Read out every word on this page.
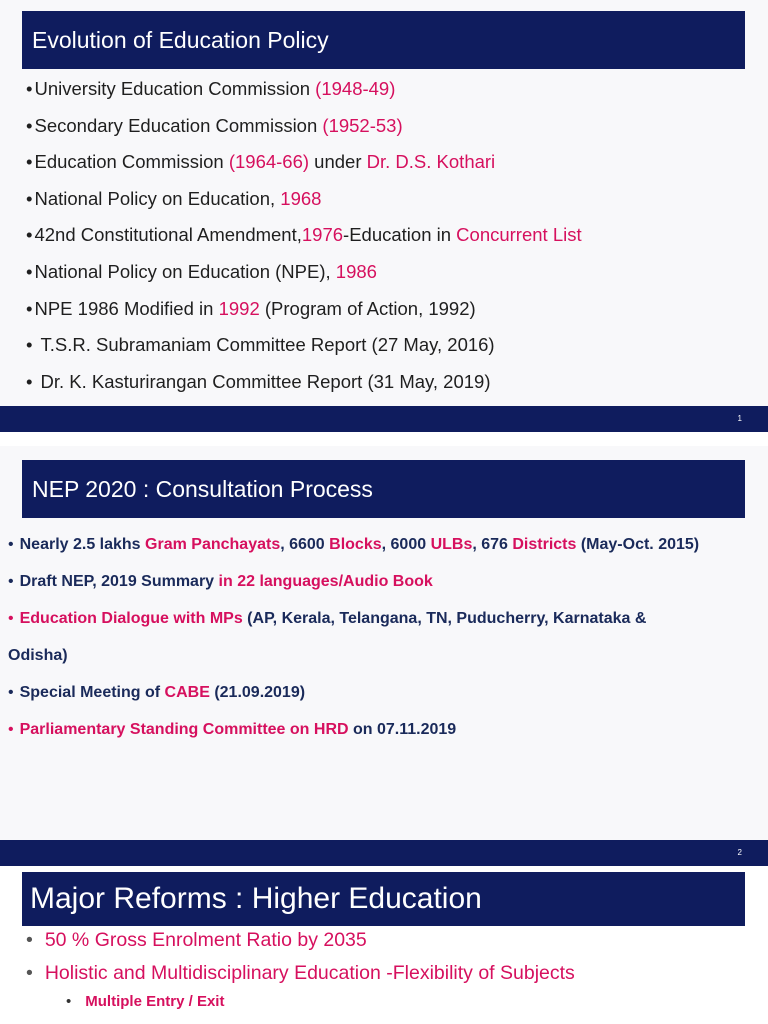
Evolution of Education Policy
• University Education Commission (1948-49)
• Secondary Education Commission (1952-53)
• Education Commission (1964-66) under Dr. D.S. Kothari
• National Policy on Education, 1968
• 42nd Constitutional Amendment,1976-Education in Concurrent List
• National Policy on Education (NPE), 1986
• NPE 1986 Modified in 1992 (Program of Action, 1992)
• T.S.R. Subramaniam Committee Report (27 May, 2016)
• Dr. K. Kasturirangan Committee Report (31 May, 2019)
1
NEP 2020 : Consultation Process
• Nearly 2.5 lakhs Gram Panchayats, 6600 Blocks, 6000 ULBs, 676 Districts (May-Oct. 2015)
• Draft NEP, 2019 Summary in 22 languages/Audio Book
• Education Dialogue with MPs (AP, Kerala, Telangana, TN, Puducherry, Karnataka & Odisha)
• Special Meeting of CABE (21.09.2019)
• Parliamentary Standing Committee on HRD on 07.11.2019
2
Major Reforms : Higher Education
• 50 % Gross Enrolment Ratio by 2035
• Holistic and Multidisciplinary Education -Flexibility of Subjects
• Multiple Entry / Exit
